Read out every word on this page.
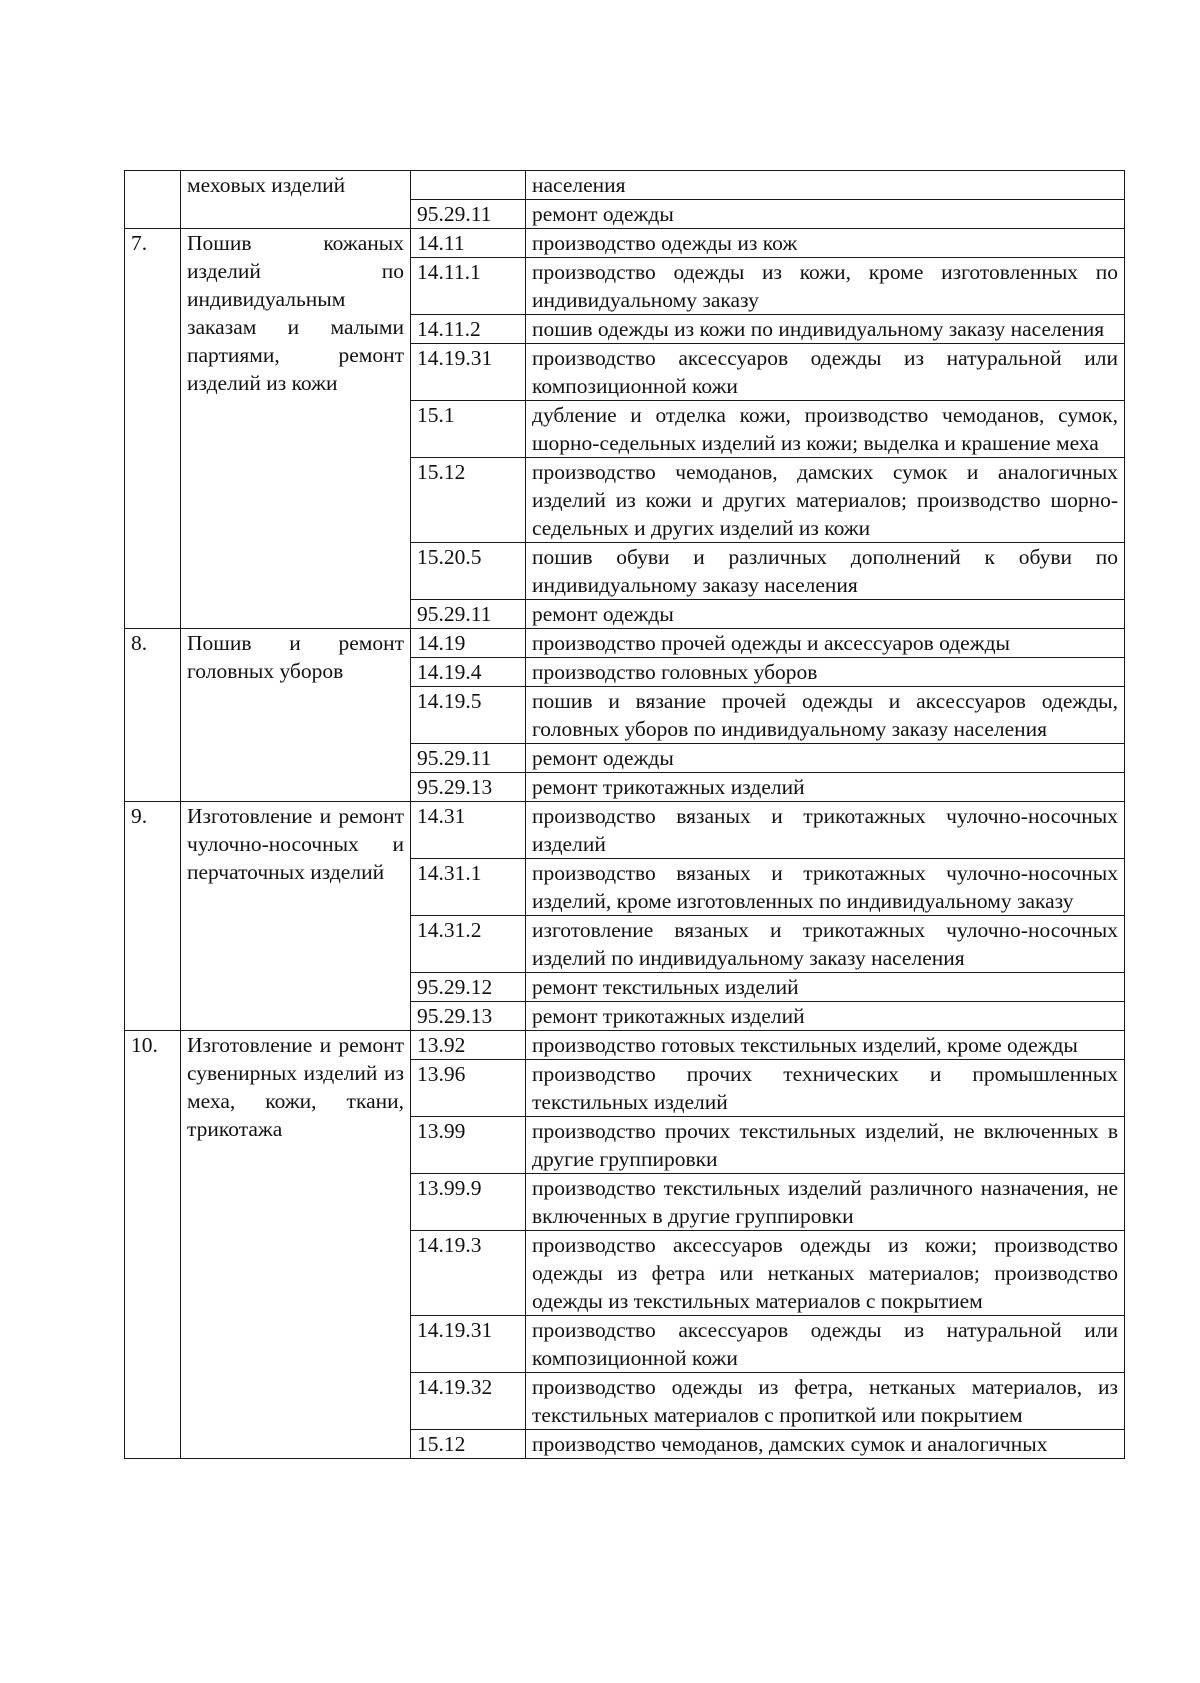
	меховых изделий		населения
		95.29.11	ремонт одежды
7.	Пошив кожаных изделий по индивидуальным заказам и малыми партиями, ремонт изделий из кожи	14.11	производство одежды из кож
		14.11.1	производство одежды из кожи, кроме изготовленных по индивидуальному заказу
		14.11.2	пошив одежды из кожи по индивидуальному заказу населения
		14.19.31	производство аксессуаров одежды из натуральной или композиционной кожи
		15.1	дубление и отделка кожи, производство чемоданов, сумок, шорно-седельных изделий из кожи; выделка и крашение меха
		15.12	производство чемоданов, дамских сумок и аналогичных изделий из кожи и других материалов; производство шорно-седельных и других изделий из кожи
		15.20.5	пошив обуви и различных дополнений к обуви по индивидуальному заказу населения
		95.29.11	ремонт одежды
8.	Пошив и ремонт головных уборов	14.19	производство прочей одежды и аксессуаров одежды
		14.19.4	производство головных уборов
		14.19.5	пошив и вязание прочей одежды и аксессуаров одежды, головных уборов по индивидуальному заказу населения
		95.29.11	ремонт одежды
		95.29.13	ремонт трикотажных изделий
9.	Изготовление и ремонт чулочно-носочных и перчаточных изделий	14.31	производство вязаных и трикотажных чулочно-носочных изделий
		14.31.1	производство вязаных и трикотажных чулочно-носочных изделий, кроме изготовленных по индивидуальному заказу
		14.31.2	изготовление вязаных и трикотажных чулочно-носочных изделий по индивидуальному заказу населения
		95.29.12	ремонт текстильных изделий
		95.29.13	ремонт трикотажных изделий
10.	Изготовление и ремонт сувенирных изделий из меха, кожи, ткани, трикотажа	13.92	производство готовых текстильных изделий, кроме одежды
		13.96	производство прочих технических и промышленных текстильных изделий
		13.99	производство прочих текстильных изделий, не включенных в другие группировки
		13.99.9	производство текстильных изделий различного назначения, не включенных в другие группировки
		14.19.3	производство аксессуаров одежды из кожи; производство одежды из фетра или нетканых материалов; производство одежды из текстильных материалов с покрытием
		14.19.31	производство аксессуаров одежды из натуральной или композиционной кожи
		14.19.32	производство одежды из фетра, нетканых материалов, из текстильных материалов с пропиткой или покрытием
		15.12	производство чемоданов, дамских сумок и аналогичных
